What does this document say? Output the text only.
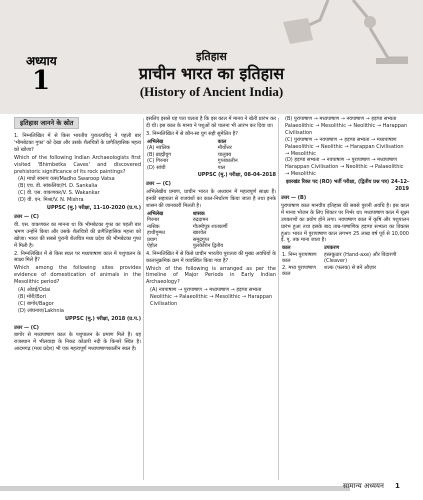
अध्याय
1
इतिहास
प्राचीन भारत का इतिहास
(History of Ancient India)
इतिहास जानने के स्रोत

1. निम्नलिखित में से किस भारतीय पुरातत्वविद् ने पहली बार 'भीमबेटका गुफा' को देखा और उसके शैलचित्रों के प्रागैतिहासिक महत्व को खोजा?

Which of the following Indian Archaeologists first visited 'Bhimbetka Caves' and discovered prehistoric significance of its rock paintings?

(A) माधो स्वरूप वत्स/Madho Swaroop Vatsa

(B) एच. डी. सांकलिया/H. D. Sankalia

(C) वी. एस. वाकणकर/V. S. Wakankar

(D) वी. एन. मिश्रा/V. N. Mishra

UPPSC (मु.) परीक्षा, 11-10-2020 (प्र.प.)

उत्तर — (C)

वी. एस. वाकणकर का मानना था कि भीमबेटका गुफा का पहली बार भ्रमण उन्होंने किया और उसके शैलचित्रों की प्रागैतिहासिक महत्ता को खोजा। भारत की सबसे पुरानी शैलचित्र मध्य प्रदेश की भीमबेटका गुफा में मिली है।

2. निम्नलिखित में से किस स्थल पर मध्यपाषाण काल में पशुपालन के साक्ष्य मिले हैं?

Which among the following sites provides evidence of domestication of animals in the Mesolithic period?

(A) ओडई/Odai

(B) मोरी/Bori

(C) बागोर/Bagor

(D) लांघनाज/Lakhnia

UPPSC (मु.) परीक्षा, 2018 (प्र.प.)

उत्तर — (C)

बागोर से मध्यपाषाण काल के पशुपालन के प्रमाण मिले हैं। यह राजस्थान में भीलवाड़ा के निकट कोठारी नदी के किनारे स्थित है। आदमगढ़ (मध्य प्रदेश) भी एक महत्वपूर्ण मध्यपाषाणकालीन स्थल है।

इसलिए इससे यह पता चलता है कि इस काल में मानव ने खेती प्रारंभ कर दी थी। इस काल के मानव ने पशुओं को पालना भी आरंभ कर दिया था।

3. निम्नलिखित में से कौन-सा युग सही सुमेलित है?

अभिलेख	काल
(A) नवलिक	मौर्योत्तर
(B) ब्राह्मीयुग	चालुक्य
(C) गिरनार	गुप्तकालीन
(D) सांची	पाल

UPPSC (मु.) परीक्षा, 08-04-2018

उत्तर — (C)

अभिलेखीय प्रमाण, प्राचीन भारत के अध्ययन में महत्वपूर्ण साक्ष्य हैं। इनकी सहायता से राजवंशों का काल-निर्धारण किया जाता है तथा इनके शासन की जानकारी मिलती है।

अभिलेख	शासक
गिरनार	रुद्रदामन
नासिक	गौतमीपुत्र शातकर्णी
हाथीगुम्फा	खारवेल
प्रयाग	समुद्रगुप्त
ऐहोल	पुलकेशिन द्वितीय

4. निम्नलिखित में से किसे प्राचीन भारतीय पुरातत्व की मुख्य अवधियों के कालानुक्रमिक क्रम में व्यवस्थित किया गया है?

Which of the following is arranged as per the timeline of Major Periods in Early Indian Archaeology?

(A) नवपाषाण → पुरापाषाण → मध्यपाषाण → हड़प्पा सभ्यता

Neolithic → Palaeolithic → Mesolithic → Harappan Civilisation

(B) पुरापाषाण → मध्यपाषाण → नवपाषाण → हड़प्पा सभ्यता

Palaeolithic → Mesolithic → Neolithic → Harappan Civilisation

(C) पुरापाषाण → नवपाषाण → हड़प्पा सभ्यता → मध्यपाषाण

Palaeolithic → Neolithic → Harappan Civilisation → Mesolithic

(D) हड़प्पा सभ्यता → नवपाषाण → पुरापाषाण → मध्यपाषाण

Harappan Civilisation → Neolithic → Palaeolithic → Mesolithic

झारखंड रिक्त पद (RO) भर्ती परीक्षा, (द्वितीय प्रश्न पत्र) 24-12-2019

उत्तर — (B)

पुरापाषाण काल मानवीय इतिहास की सबसे पुरानी अवधि है। इस काल में मानव भोजन के लिए शिकार पर निर्भर था। मध्यपाषाण काल में सूक्ष्म उपकरणों का प्रयोग होने लगा। नवपाषाण काल में कृषि और पशुपालन प्रारंभ हुआ तथा इसके बाद ताम्र-पाषाणिक हड़प्पा सभ्यता का विकास हुआ। भारत में पुरापाषाण काल लगभग 25 लाख वर्ष पूर्व से 10,000 ई. पू. तक माना जाता है।

काल	उपकरण
1. निम्न पुरापाषाण काल	हस्तकुठार (Hand-axe) और विदारणी (Cleaver)
2. मध्य पुरापाषाण काल	शल्क (फलक) से बने औज़ार
सामान्य अध्ययन 1
